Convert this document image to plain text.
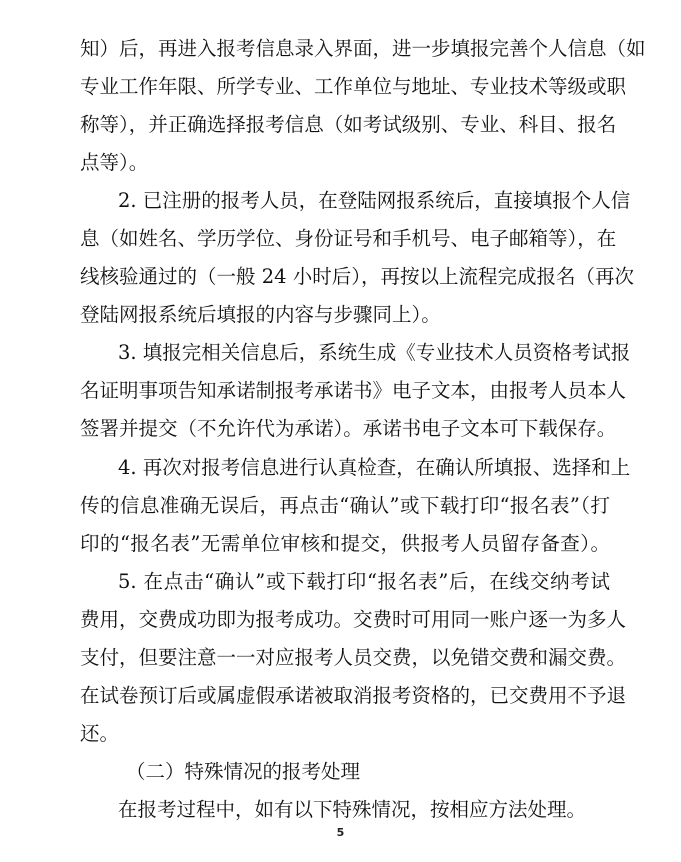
知）后，再进入报考信息录入界面，进一步填报完善个人信息（如
专业工作年限、所学专业、工作单位与地址、专业技术等级或职
称等），并正确选择报考信息（如考试级别、专业、科目、报名
点等）。
2. 已注册的报考人员，在登陆网报系统后，直接填报个人信
息（如姓名、学历学位、身份证号和手机号、电子邮箱等），在
线核验通过的（一般 24 小时后），再按以上流程完成报名（再次
登陆网报系统后填报的内容与步骤同上）。
3. 填报完相关信息后，系统生成《专业技术人员资格考试报
名证明事项告知承诺制报考承诺书》电子文本，由报考人员本人
签署并提交（不允许代为承诺）。承诺书电子文本可下载保存。
4. 再次对报考信息进行认真检查，在确认所填报、选择和上
传的信息准确无误后，再点击“确认”或下载打印“报名表”（打
印的“报名表”无需单位审核和提交，供报考人员留存备查）。
5. 在点击“确认”或下载打印“报名表”后，在线交纳考试
费用，交费成功即为报考成功。交费时可用同一账户逐一为多人
支付，但要注意一一对应报考人员交费，以免错交费和漏交费。
在试卷预订后或属虚假承诺被取消报考资格的，已交费用不予退
还。
（二）特殊情况的报考处理
在报考过程中，如有以下特殊情况，按相应方法处理。
5
